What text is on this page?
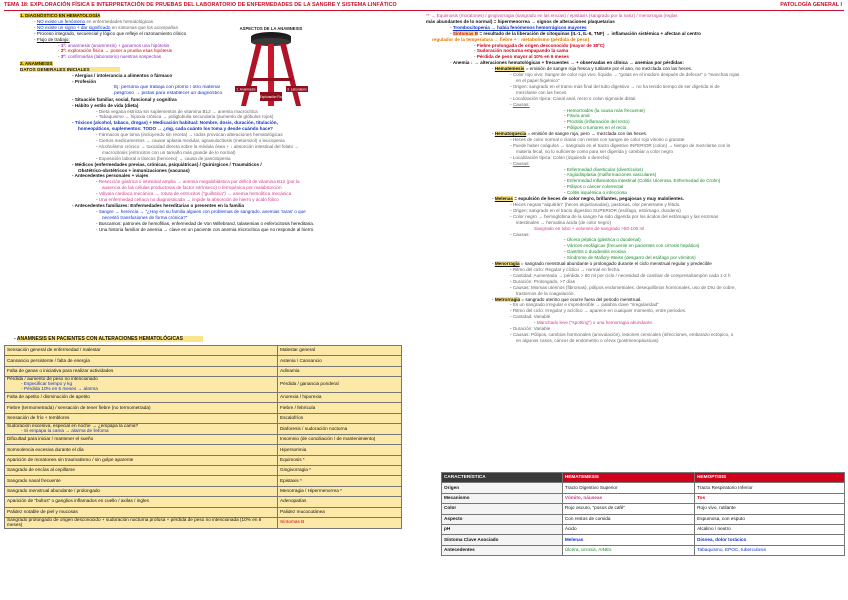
TEMA 18: EXPLORACIÓN FÍSICA E INTERPRETACIÓN DE PRUEBAS DEL LABORATORIO DE ENFERMEDADES DE LA SANGRE Y SISTEMA LINFÁTICO	PATOLOGÍA GENERAL I
ASPECTOS DE LA ANAMNESIS
1. Anamnesis
2. Exploración Física
3. Laboratorio
1. DIAGNÓSTICO EN HEMATOLOGÍA
- NO existe un fenómeno en enfermedades hematológicas
- NO existe un signo + dar significado en síntomas que los acompañan
- Proceso integrado, secuencial y lógico que refleje el razonamiento clínico
- Flujo de trabajo:
- 1º: anamnesis (anamnesis) + ganarnos una hipótesis
- 2º: exploración física → poner a prueba esas hipótesis
- 3º: confirmarlas (laboratorio) nuestras sospechas
2. ANAMNESIS
DATOS GENERALES INICIALES
- Alergias / intolerancia a alimentos o fármaco
- Profesión
Ej: persona que trabaja con plomo / otro material
peligroso → pistas para establecer un diagnóstico
- Situación familiar, social, funcional y cognitiva
- Hábito y estilo de vida (dieta)
- Dieta vegana estricta sin suplementos de vitamina B12 → anemia macrocítica
- Tabaquismo → hipoxia crónica → poliglobulia secundaria (aumento de glóbulos rojos)
- Tóxicos (alcohol, tabaco, drogas) + Medicación habitual: Nombre, dosis, duración, titulación,
homeopáticos, suplementos: TODO → ¿mg, cada cuánto los toma y desde cuándo hace?
- Fármacos que toma (incluyendo sin receta) → todos provocan alteraciones hematológicas
- Ciertos medicamentos → causar aplasia medular, agranulocitosis (metamizol) o leucopenia
- Alcoholismo crónico → toxicidad directa sobre la médula ósea + ↓ absorción intestinal del folato →
macrocitosis (eritrocitos con un tamaño más grande de lo normal)
- Exposición laboral a tóxicos (benceno) → causa de pancitopenia
- Médicos (enfermedades previas, crónicas, psiquiátricas) / Quirúrgicos / Traumáticos /
Obstétrico-obstétricos + inmunizaciones (vacunas)
- Antecedentes personales + viajes
- Resección gástrica o intestinal amplia → anemia megaloblástica por déficit de vitamina B12 (por la
ausencia de las células productoras de factor intrínseco) o ferropénica por malabsorción
- Válvula cardiaca mecánica → rotura de eritrocitos ("guillotina") → anemia hemolítica mecánica
- Una enfermedad celíaca no diagnosticada → impide la absorción de hierro y ácido fólico
- Antecedentes familiares: Enfermedades hereditarias o presentes en la familia
- Sangre → herencia → "¿Hay en su familia alguien con problemas de sangrado, anemias 'raras' o que
necesitó transfusiones de forma crónica?"
- Buscamos: patrones de hemofilias, enfermedad de Von Willebrand, talasemias o esferocitosis hereditaria.
- Una historia familiar de anemia → clave en un paciente con anemia microcítica que no responde al hierro
- ANAMNESIS EN PACIENTES CON ALTERACIONES HEMATOLÓGICAS
Sensación general de enfermedad / malestar	Malestar general
Cansancio persistente / falta de energía	Astenia / Cansancio
Falta de ganas o iniciativa para realizar actividades	Adinamia

Pérdida / aumento de peso no intencionado
- Especificar tiempo y kg
- Pérdida 10% en 6 meses → alarma	Pérdida / ganancia ponderal
Falta de apetito / disminución de apetito	Anorexia / hiporexia
Fiebre (termometrada) / sensación de tener fiebre (no termometrada)	Fiebre / febrícula
Sensación de frío + temblores	Escalofríos

Sudoración excesiva, especial en noche → ¿empapa la cama?
- Si empapa la cama → alarma de linfoma	Diaforesis / sudoración nocturna
Dificultad para iniciar / mantener el sueño	Insomnio (de conciliación / de mantenimiento)
Somnolencia excesiva durante el día	Hipersomnia
Aparición de moratones sin traumatismo / sin golpe aparente	Equimosis *
Sangrado de encías al cepillarse	Gingivorragia *
Sangrado nasal frecuente	Epistaxis *
Sangrado menstrual abundante / prolongado	Menorragia / Hipermenorrea *
Aparición de "bultos" o ganglios inflamados en cuello / axilas / ingles	Adenopatías
Palidez notable de piel y mucosas	Palidez mucocutánea
Sangrado prolongado de origen desconocido + sudoración nocturna profusa + pérdida de peso no intencionada (10% en 6 meses)	Síntomas B
** → Equimosis (moratones) / gingivorragia (sangrado en las encías) / epistaxis (sangrado por la nariz) / menorragia (reglas
más abundantes de lo normal) = hipermenorrea → signos de alteraciones plaquetarias
- Trombocitopenia → había fenómenos hemorrágicos mayores
- Síntomas B = resultado de la liberación de citoquinas (IL-1, IL-6, TNF) → inflamación sistémica + afectan al centro
regulador de la temperatura → fiebre + ↑ metabolismo (pérdida de peso)
- Fiebre prolongada de origen desconocido (mayor de 38ºC)
- Sudoración nocturna empapando la cama
- Pérdida de peso mayor al 10% en 6 meses
- Anemia ↓ → alteraciones hematológicas + frecuentes → + observadas en clínica → anemias por pérdidas:
- Hematemesis = emisión de sangre roja fresca y rutilante por el ano, no mezclada con las heces.
- Color rojo vivo: Sangre de color rojo vivo, líquida → "gotas en el inodoro después de defecar" o "manchas rojas
en el papel higiénico"
- Origen: sangrado en el tramo más final del tubo digestivo → no ha tenido tiempo de ser digerida ni de
mezclarse con las heces
- Localización típica: Canal anal, recto o colon sigmoide distal
- Causas:
- Hemorroides (la causa más frecuente)
- Fisura anal
- Proctitis (inflamación del recto)
- Pólipos o tumores en el recto.
- Hematoquecia = emisión de sangre roja, pero → mezclada con las heces.
- Heces de color normal o claras con restos con sangre de color rojo vinoso o granate
- Puede haber coágulos → sangrado en el tracto digestivo INFERIOR (colon) → tiempo de mezclarse con la
materia fecal, no lo suficiente como para ser digerida y cambiar a color negro
- Localización típica: Colon (izquierdo o derecho)
- Causas:
- Enfermedad diverticular (divertículos)
- Angiodisplasia (malformaciones vasculares)
- Enfermedad inflamatoria intestinal (Colitis Ulcerosa, Enfermedad de Crohn)
- Pólipos o cáncer colorrectal
- Colitis isquémica o infecciosa
- Melenas = expulsión de heces de color negro, brillantes, pegajosas y muy malolientes.
- Heces negras "alquitrán" (heces alquitranadas), pastosas, olor penetrante y fétido.
- Origen: sangrado en el tracto digestivo SUPERIOR (esófago, estómago, duodeno)
- Color negro → hemoglobina de la sangre ha sido digerida por los ácidos del estómago y las enzimas
intestinales → hematina ácida (de color negro)
Sangrado en tubo + volumen de sangrado >50-100 ml
- Causas:
- Úlcera péptica (gástrica o duodenal)
- Várices esofágicas (frecuente en pacientes con cirrosis hepática)
- Gastritis o duodenitis erosiva
- Síndrome de Mallory-Weiss (desgarro del esófago por vómitos)
- Menorragia = sangrado menstrual abundante o prolongado durante el ciclo menstrual regular y predecible
- Ritmo del ciclo: Regular y cíclico → normal en fecha.
- Cantidad: Aumentada → pérdida > 80 ml por ciclo / necesidad de cambiar de compresa/tampón cada 1-2 h
- Duración: Prolongado, >7 días
- Causas: Miomas uterinos (fibromas), pólipos endometriales, desequilibrios hormonales, uso de DIU de cobre,
trastornos de la coagulación.
- Metrorragia = sangrado uterino que ocurre fuera del periodo menstrual.
- Es un sangrado irregular e impredecible → palabra clave "irregularidad"
- Ritmo del ciclo: Irregular y acíclico → aparece en cualquier momento, entre periodos.
- Cantidad: Variable
- Manchado leve ("spotting") o una hemorragia abundante.
- Duración: Variable
- Causas: Pólipos, cambios hormonales (anovulación), lesiones cervicales (infecciones, embarazo ectópico, o
en algunos casos, cáncer de endometrio o cérvix (postmenopáusicas)
CARACTERÍSTICA	HEMATEMESIS	HEMOPTISIS
Origen	Tracto Digestivo Superior	Tracto Respiratorio Inferior
Mecanismo	Vómito, náuseas	Tos
Color	Rojo oscuro, "posos de café"	Rojo vivo, rutilante
Aspecto	Con restos de comida	Espumosa, con esputo
pH	Ácido	Alcalino / neutro
Síntoma Clave Asociado	Melenas	Disnea, dolor torácico
Antecedentes	Úlcera, cirrosis, AINEs	Tabaquismo, EPOC, tuberculosis
